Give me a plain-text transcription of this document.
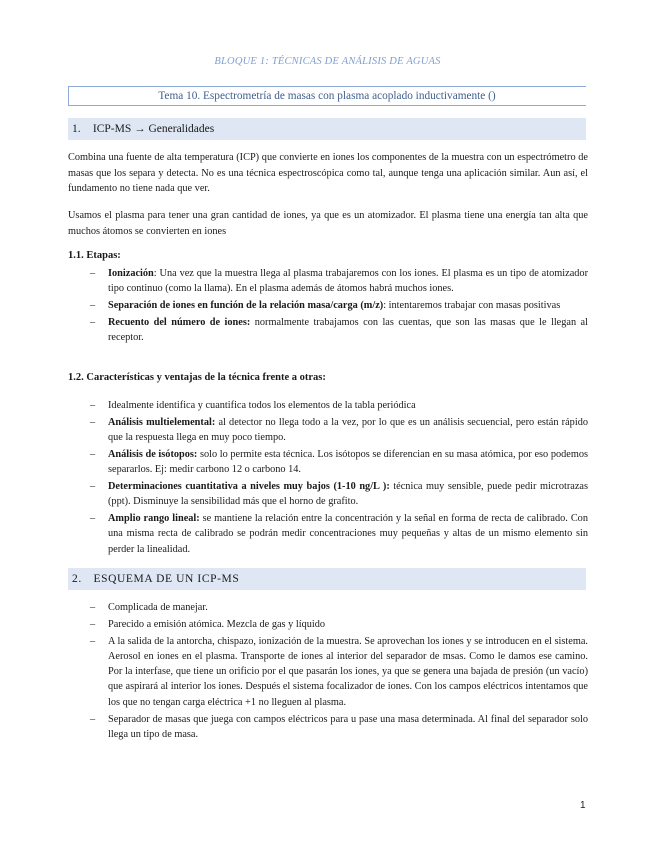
BLOQUE 1: TÉCNICAS DE ANÁLISIS DE AGUAS
Tema 10. Espectrometría de masas con plasma acoplado inductivamente ()
1. ICP-MS → Generalidades

Combina una fuente de alta temperatura (ICP) que convierte en iones los componentes de la muestra con un espectrómetro de masas que los separa y detecta. No es una técnica espectroscópica como tal, aunque tenga una aplicación similar. Aun así, el fundamento no tiene nada que ver.

Usamos el plasma para tener una gran cantidad de iones, ya que es un atomizador. El plasma tiene una energía tan alta que muchos átomos se convierten en iones

1.1. Etapas:
– Ionización: Una vez que la muestra llega al plasma trabajaremos con los iones. El plasma es un tipo de atomizador tipo continuo (como la llama). En el plasma además de átomos habrá muchos iones.
– Separación de iones en función de la relación masa/carga (m/z): intentaremos trabajar con masas positivas
– Recuento del número de iones: normalmente trabajamos con las cuentas, que son las masas que le llegan al receptor.
1.2. Características y ventajas de la técnica frente a otras:
– Idealmente identifica y cuantifica todos los elementos de la tabla periódica
– Análisis multielemental: al detector no llega todo a la vez, por lo que es un análisis secuencial, pero están rápido que la respuesta llega en muy poco tiempo.
– Análisis de isótopos: solo lo permite esta técnica. Los isótopos se diferencian en su masa atómica, por eso podemos separarlos. Ej: medir carbono 12 o carbono 14.
– Determinaciones cuantitativa a niveles muy bajos (1-10 ng/L ): técnica muy sensible, puede pedir microtrazas (ppt). Disminuye la sensibilidad más que el horno de grafito.
– Amplio rango lineal: se mantiene la relación entre la concentración y la señal en forma de recta de calibrado. Con una misma recta de calibrado se podrán medir concentraciones muy pequeñas y altas de un mismo elemento sin perder la linealidad.
2. ESQUEMA DE UN ICP-MS
– Complicada de manejar.
– Parecido a emisión atómica. Mezcla de gas y líquido
– A la salida de la antorcha, chispazo, ionización de la muestra. Se aprovechan los iones y se introducen en el sistema. Aerosol en iones en el plasma. Transporte de iones al interior del separador de msas. Como le damos ese camino. Por la interfase, que tiene un orificio por el que pasarán los iones, ya que se genera una bajada de presión (un vacío) que aspirará al interior los iones. Después el sistema focalizador de iones. Con los campos eléctricos intentamos que los que no tengan carga eléctrica +1 no lleguen al plasma.
– Separador de masas que juega con campos eléctricos para u pase una masa determinada. Al final del separador solo llega un tipo de masa.
1
